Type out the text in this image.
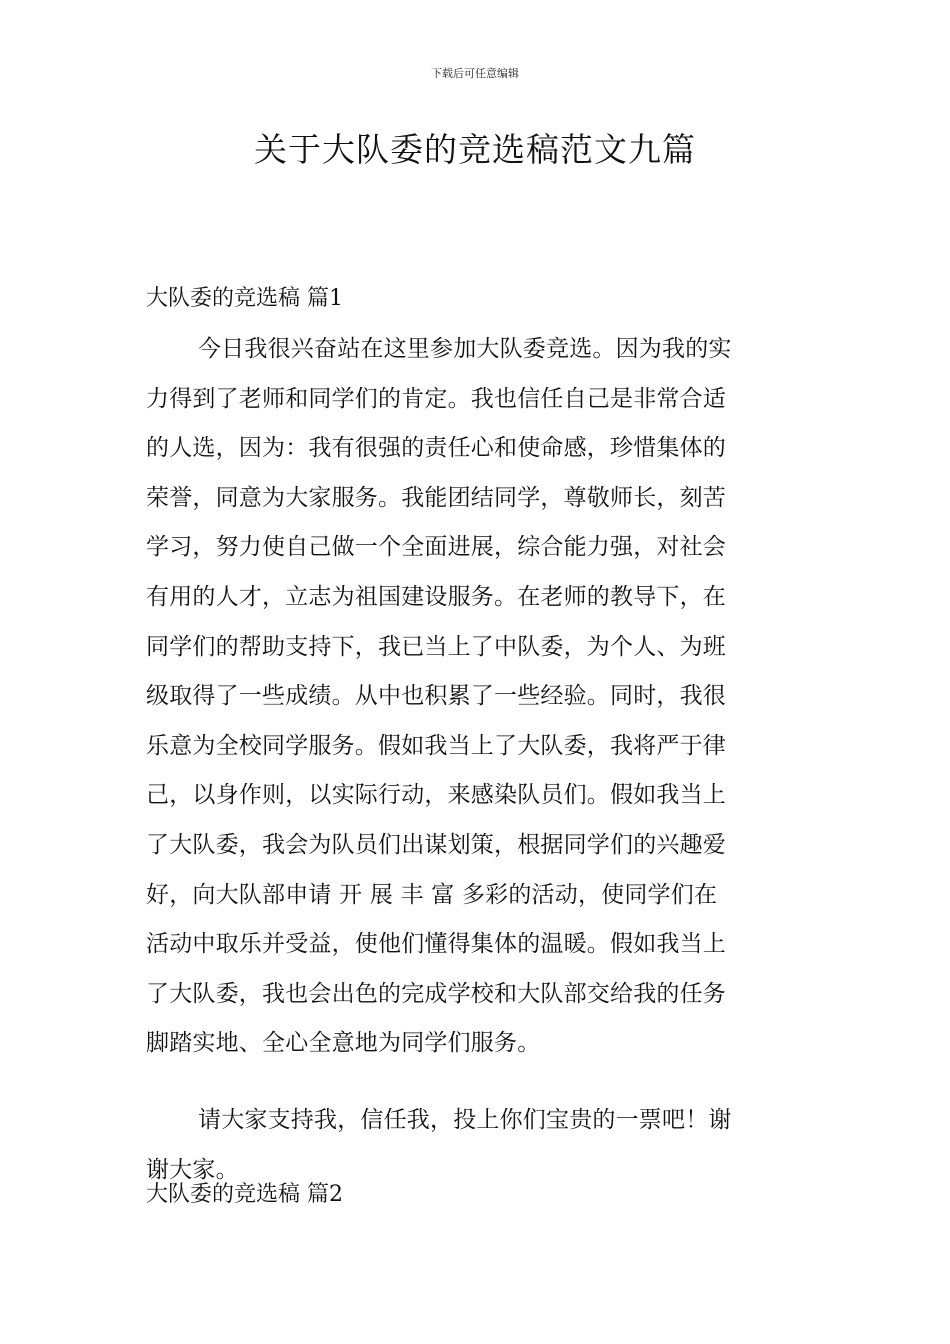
下载后可任意编辑
关于大队委的竞选稿范文九篇
大队委的竞选稿 篇1
今日我很兴奋站在这里参加大队委竞选。因为我的实
力得到了老师和同学们的肯定。我也信任自己是非常合适
的人选，因为：我有很强的责任心和使命感，珍惜集体的
荣誉，同意为大家服务。我能团结同学，尊敬师长，刻苦
学习，努力使自己做一个全面进展，综合能力强，对社会
有用的人才，立志为祖国建设服务。在老师的教导下，在
同学们的帮助支持下，我已当上了中队委，为个人、为班
级取得了一些成绩。从中也积累了一些经验。同时，我很
乐意为全校同学服务。假如我当上了大队委，我将严于律
己，以身作则，以实际行动，来感染队员们。假如我当上
了大队委，我会为队员们出谋划策，根据同学们的兴趣爱
好，向大队部申请 开 展 丰 富 多彩的活动，使同学们在
活动中取乐并受益，使他们懂得集体的温暖。假如我当上
了大队委，我也会出色的完成学校和大队部交给我的任务
脚踏实地、全心全意地为同学们服务。
请大家支持我，信任我，投上你们宝贵的一票吧！谢
谢大家。
大队委的竞选稿 篇2
